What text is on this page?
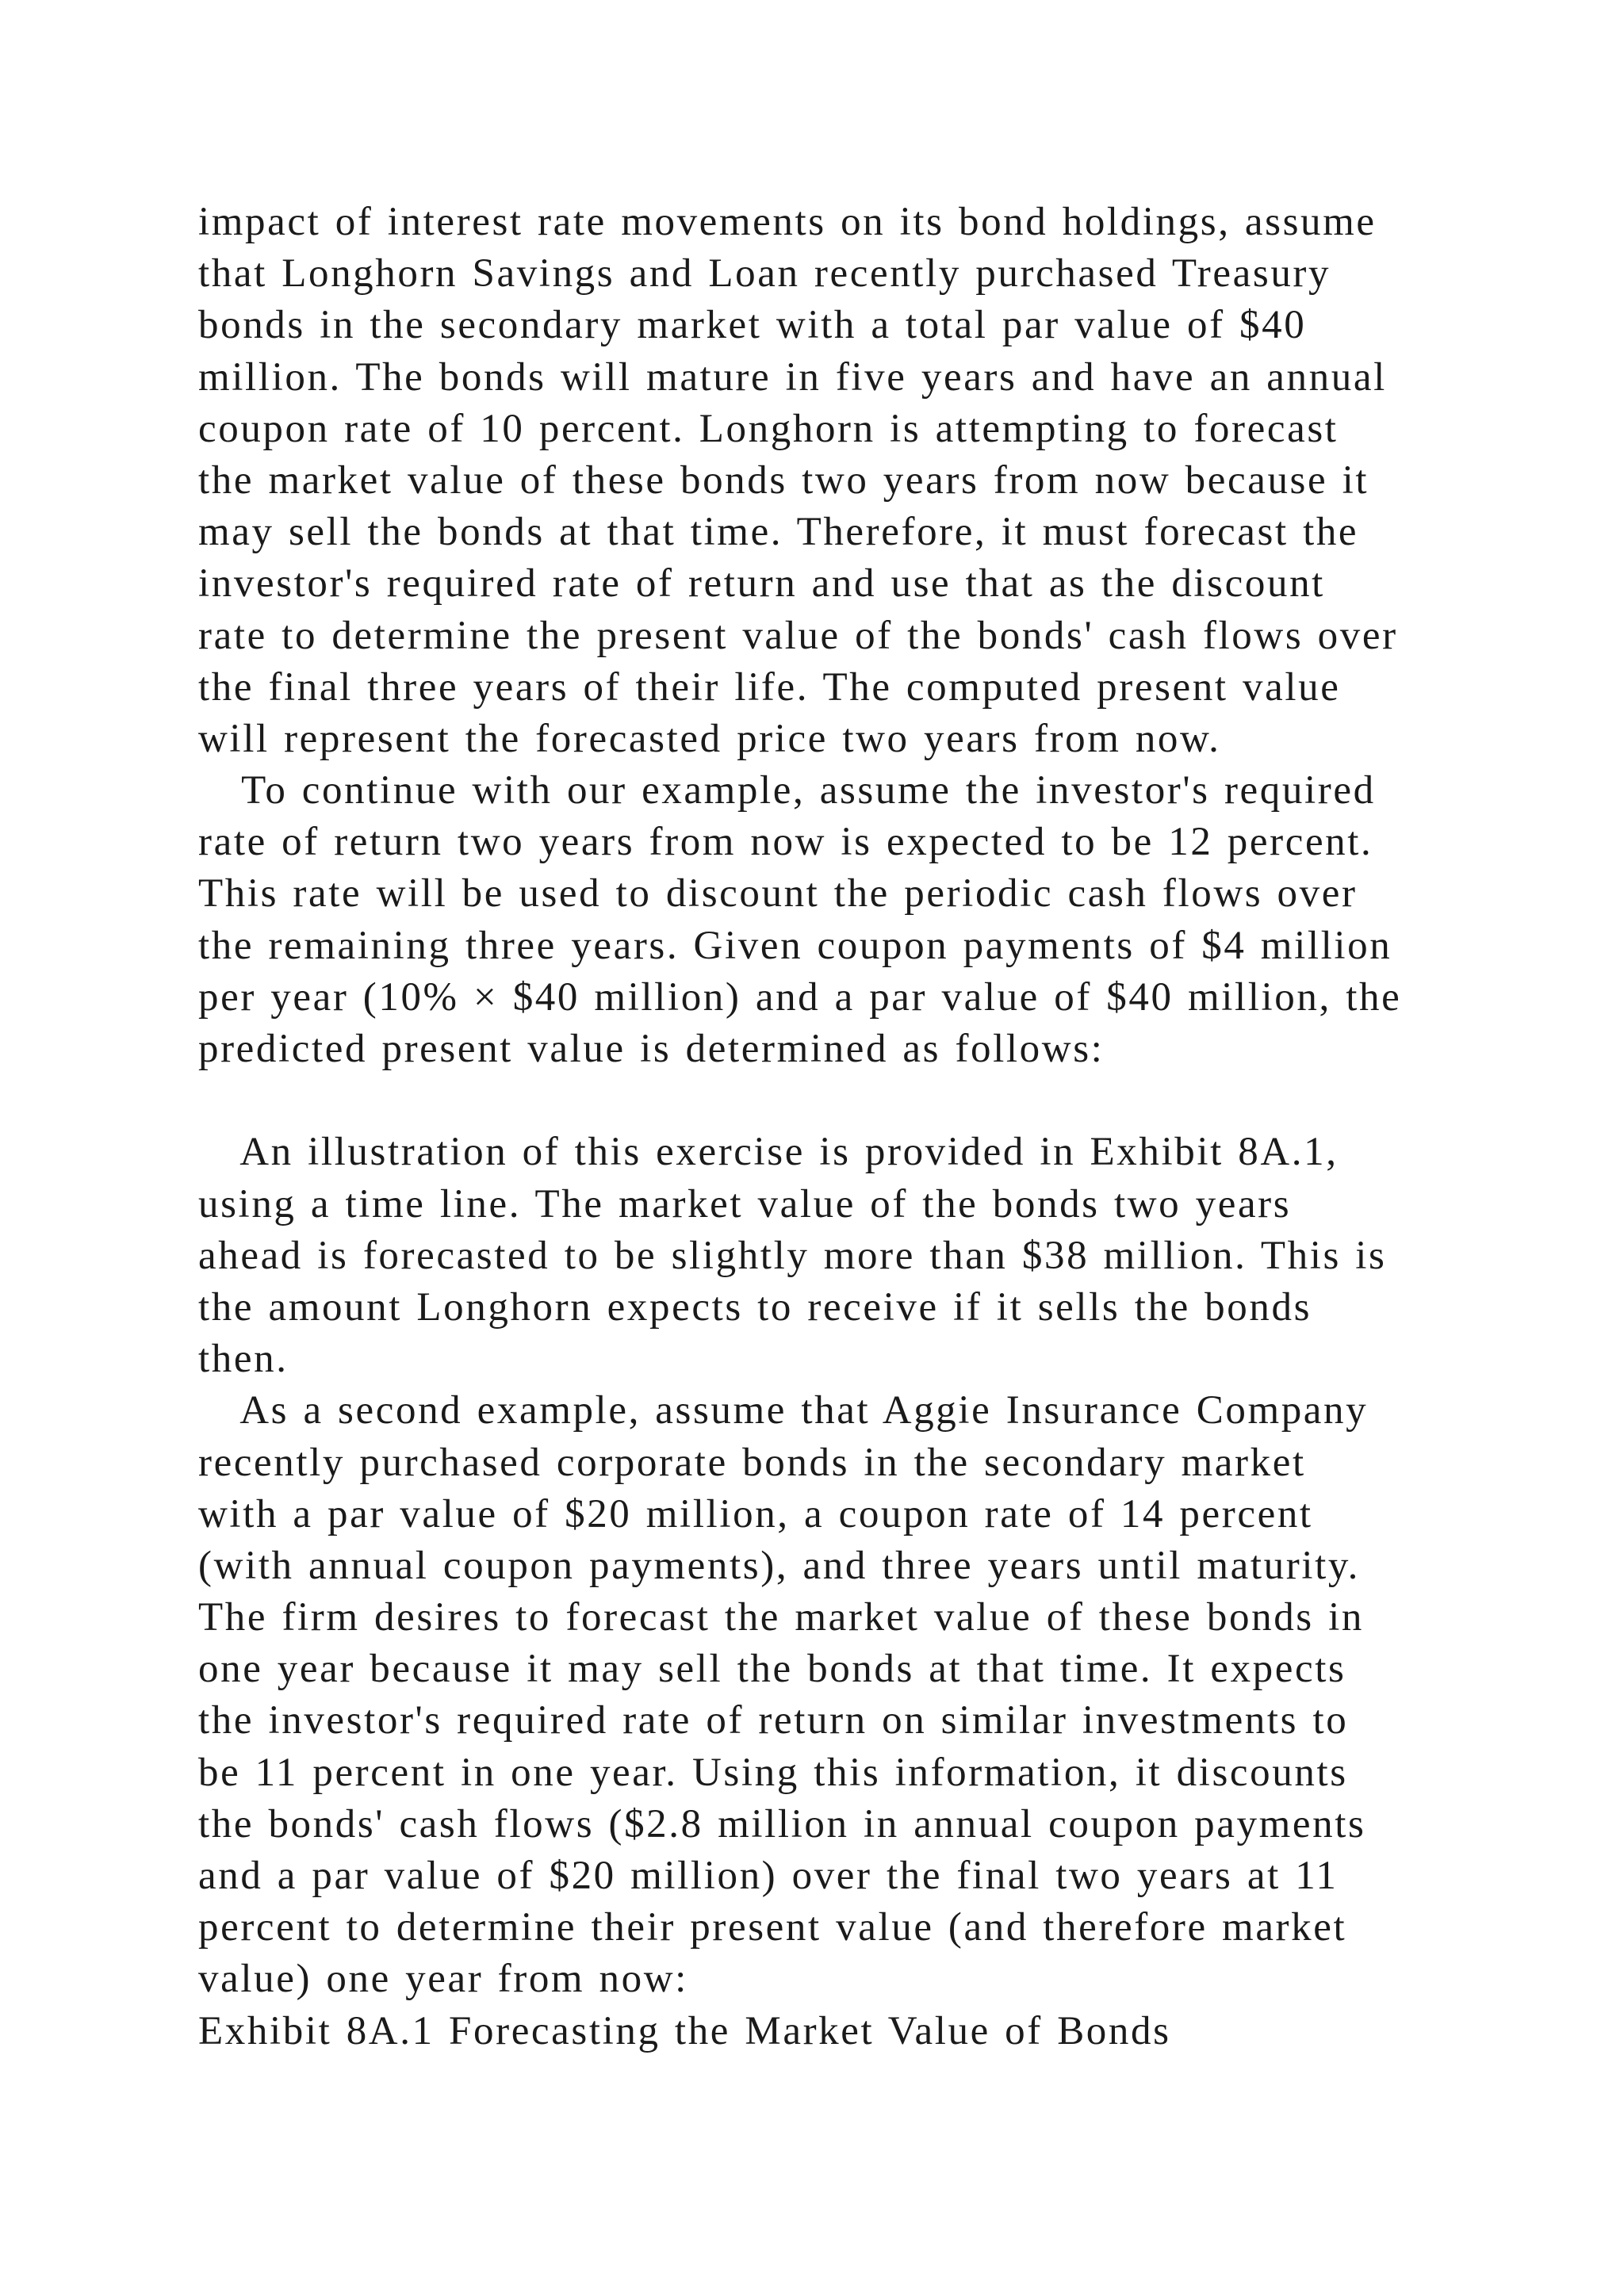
impact of interest rate movements on its bond holdings, assume
that Longhorn Savings and Loan recently purchased Treasury
bonds in the secondary market with a total par value of $40
million. The bonds will mature in five years and have an annual
coupon rate of 10 percent. Longhorn is attempting to forecast
the market value of these bonds two years from now because it
may sell the bonds at that time. Therefore, it must forecast the
investor's required rate of return and use that as the discount
rate to determine the present value of the bonds' cash flows over
the final three years of their life. The computed present value
will represent the forecasted price two years from now.
To continue with our example, assume the investor's required
rate of return two years from now is expected to be 12 percent.
This rate will be used to discount the periodic cash flows over
the remaining three years. Given coupon payments of $4 million
per year (10% × $40 million) and a par value of $40 million, the
predicted present value is determined as follows:
An illustration of this exercise is provided in Exhibit 8A.1,
using a time line. The market value of the bonds two years
ahead is forecasted to be slightly more than $38 million. This is
the amount Longhorn expects to receive if it sells the bonds
then.
As a second example, assume that Aggie Insurance Company
recently purchased corporate bonds in the secondary market
with a par value of $20 million, a coupon rate of 14 percent
(with annual coupon payments), and three years until maturity.
The firm desires to forecast the market value of these bonds in
one year because it may sell the bonds at that time. It expects
the investor's required rate of return on similar investments to
be 11 percent in one year. Using this information, it discounts
the bonds' cash flows ($2.8 million in annual coupon payments
and a par value of $20 million) over the final two years at 11
percent to determine their present value (and therefore market
value) one year from now:
Exhibit 8A.1 Forecasting the Market Value of Bonds
